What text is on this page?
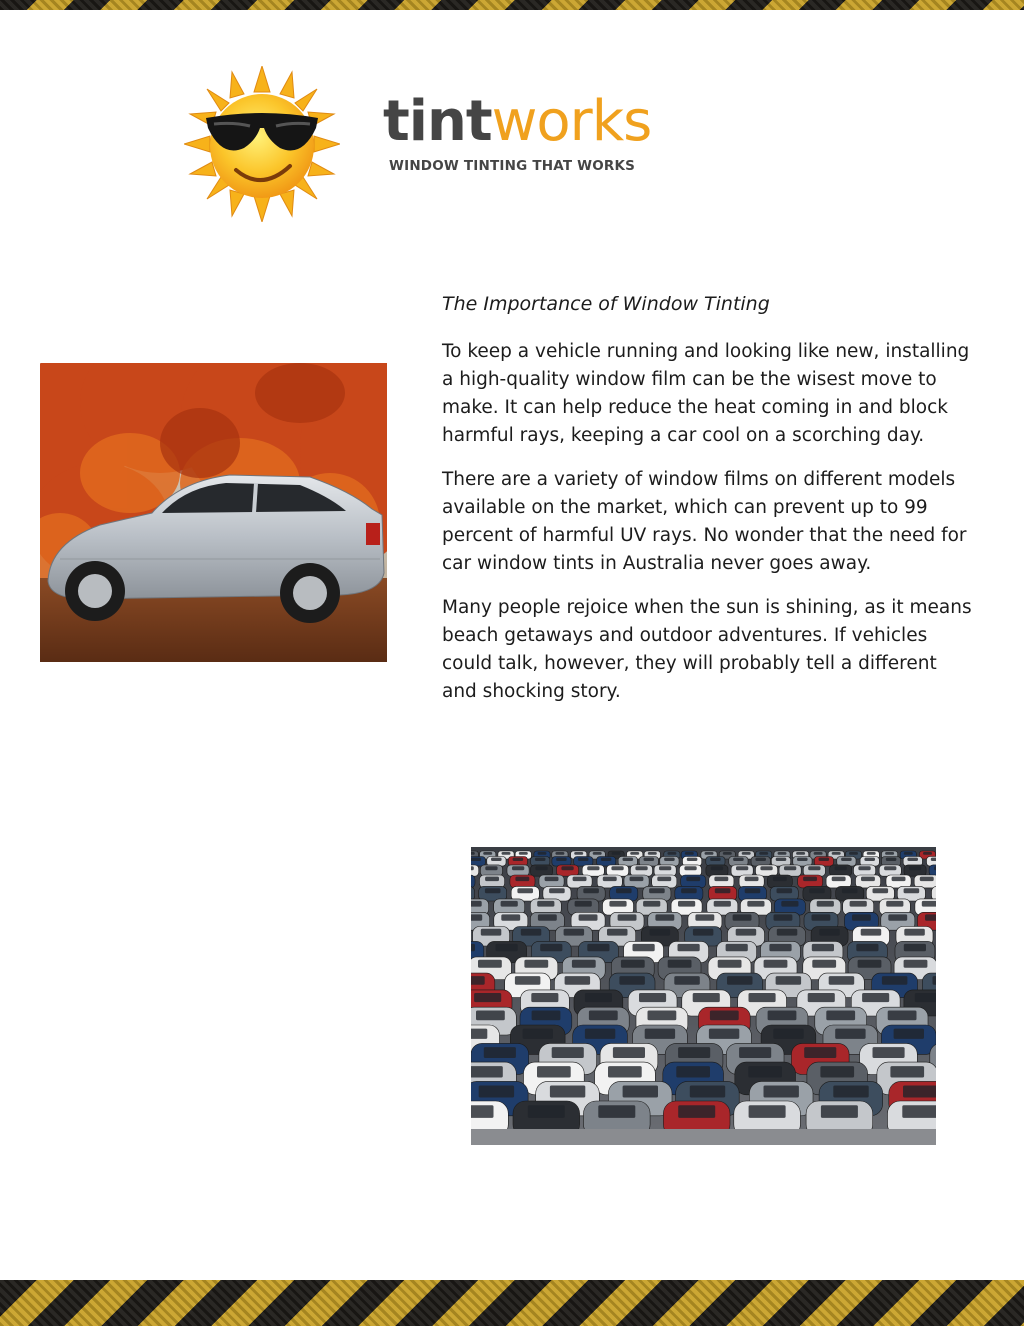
tintworks
WINDOW TINTING THAT WORKS
The Importance of Window Tinting

To keep a vehicle running and looking like new, installing a high-quality window film can be the wisest move to make. It can help reduce the heat coming in and block harmful rays, keeping a car cool on a scorching day.

There are a variety of window films on different models available on the market, which can prevent up to 99 percent of harmful UV rays. No wonder that the need for car window tints in Australia never goes away.

Many people rejoice when the sun is shining, as it means beach getaways and outdoor adventures. If vehicles could talk, however, they will probably tell a different and shocking story.
